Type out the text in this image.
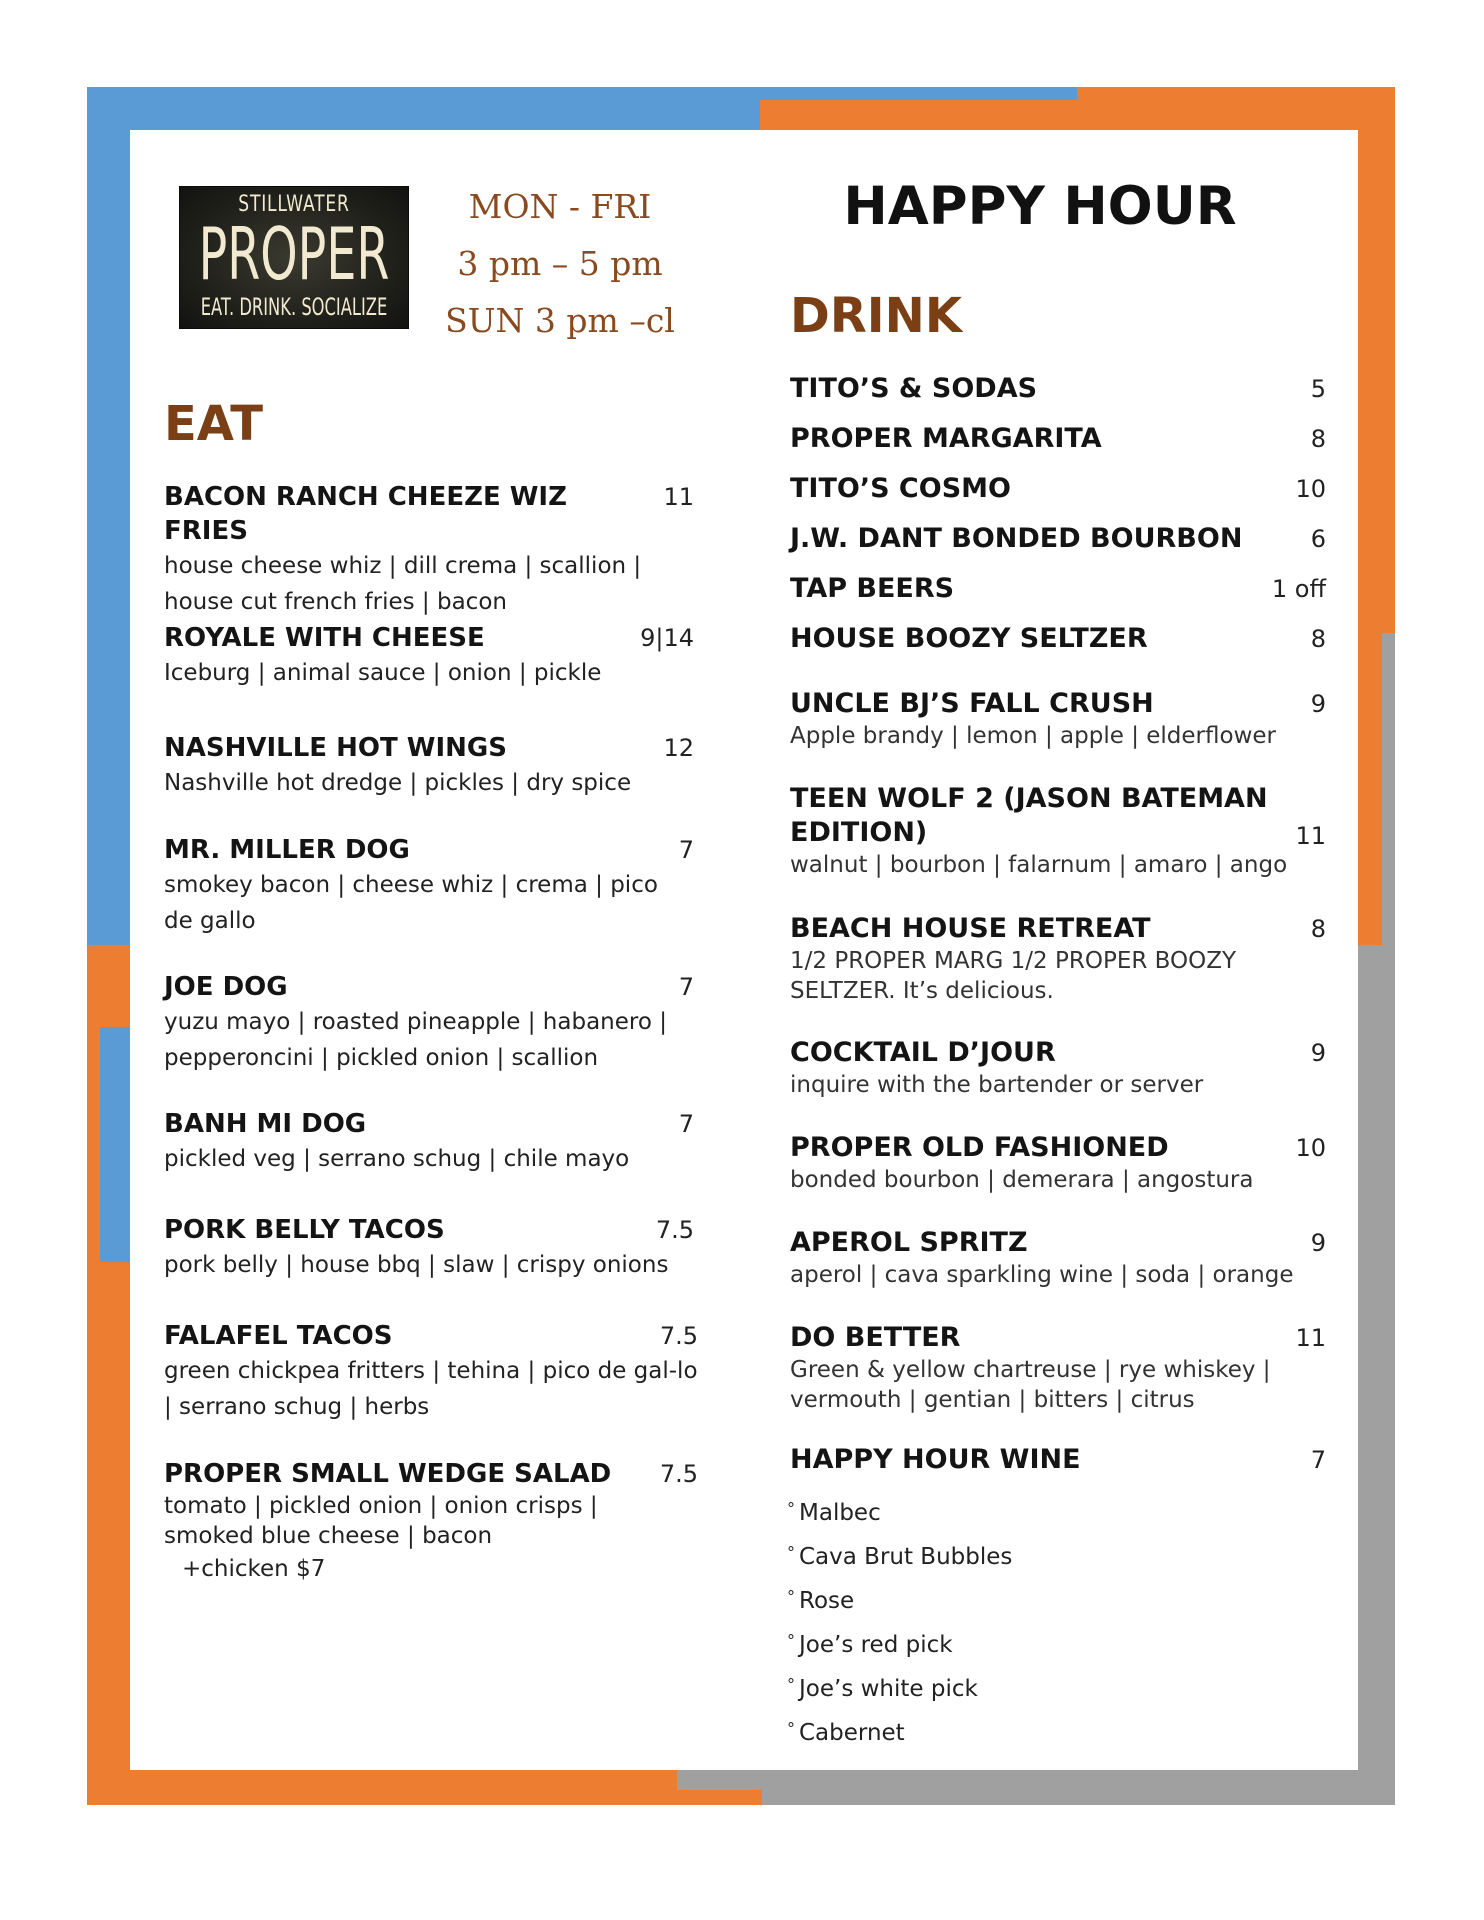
STILLWATER
PROPER
EAT. DRINK. SOCIALIZE
MON - FRI
3 pm – 5 pm
SUN 3 pm –cl
HAPPY HOUR
EAT
BACON RANCH CHEEZE WIZ FRIES
11
house cheese whiz | dill crema | scallion | house cut french fries | bacon
ROYALE WITH CHEESE	9|14
Iceburg | animal sauce | onion | pickle
NASHVILLE HOT WINGS	12
Nashville hot dredge | pickles | dry spice
MR. MILLER DOG	7
smokey bacon | cheese whiz | crema | pico de gallo
JOE DOG	7
yuzu mayo | roasted pineapple | habanero | pepperoncini | pickled onion | scallion
BANH MI DOG	7
pickled veg | serrano schug | chile mayo
PORK BELLY TACOS	7.5
pork belly | house bbq | slaw | crispy onions
FALAFEL TACOS	7.5
green chickpea fritters | tehina | pico de gal-lo | serrano schug | herbs
PROPER SMALL WEDGE SALAD	7.5
tomato | pickled onion | onion crisps | smoked blue cheese | bacon
+chicken $7
DRINK
TITO’S & SODAS	5
PROPER MARGARITA	8
TITO’S COSMO	10
J.W. DANT BONDED BOURBON	6
TAP BEERS	1 off
HOUSE BOOZY SELTZER	8
UNCLE BJ’S FALL CRUSH	9
Apple brandy | lemon | apple | elderflower
TEEN WOLF 2 (JASON BATEMAN EDITION)	11
walnut | bourbon | falarnum | amaro | ango
BEACH HOUSE RETREAT	8
1/2 PROPER MARG 1/2 PROPER BOOZY SELTZER. It’s delicious.
COCKTAIL D’JOUR	9
inquire with the bartender or server
PROPER OLD FASHIONED	10
bonded bourbon | demerara | angostura
APEROL SPRITZ	9
aperol | cava sparkling wine | soda | orange
DO BETTER	11
Green & yellow chartreuse | rye whiskey | vermouth | gentian | bitters | citrus
HAPPY HOUR WINE	7
° Malbec
° Cava Brut Bubbles
° Rose
° Joe’s red pick
° Joe’s white pick
° Cabernet
